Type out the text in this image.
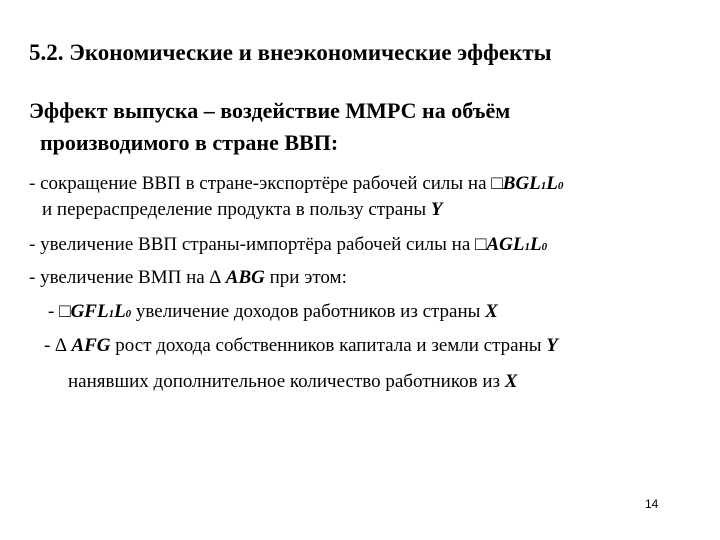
5.2. Экономические и внеэкономические эффекты
Эффект выпуска – воздействие ММРС на объём
производимого в стране ВВП:
- сокращение ВВП в стране-экспортёре рабочей силы на □BGL1L0
и перераспределение продукта в пользу страны Y
- увеличение ВВП страны-импортёра рабочей силы на □AGL1L0
- увеличение ВМП на ∆ ABG при этом:
- □GFL1L0 увеличение доходов работников из страны X
- ∆ AFG рост дохода собственников капитала и земли страны Y
нанявших дополнительное количество работников из X
14
